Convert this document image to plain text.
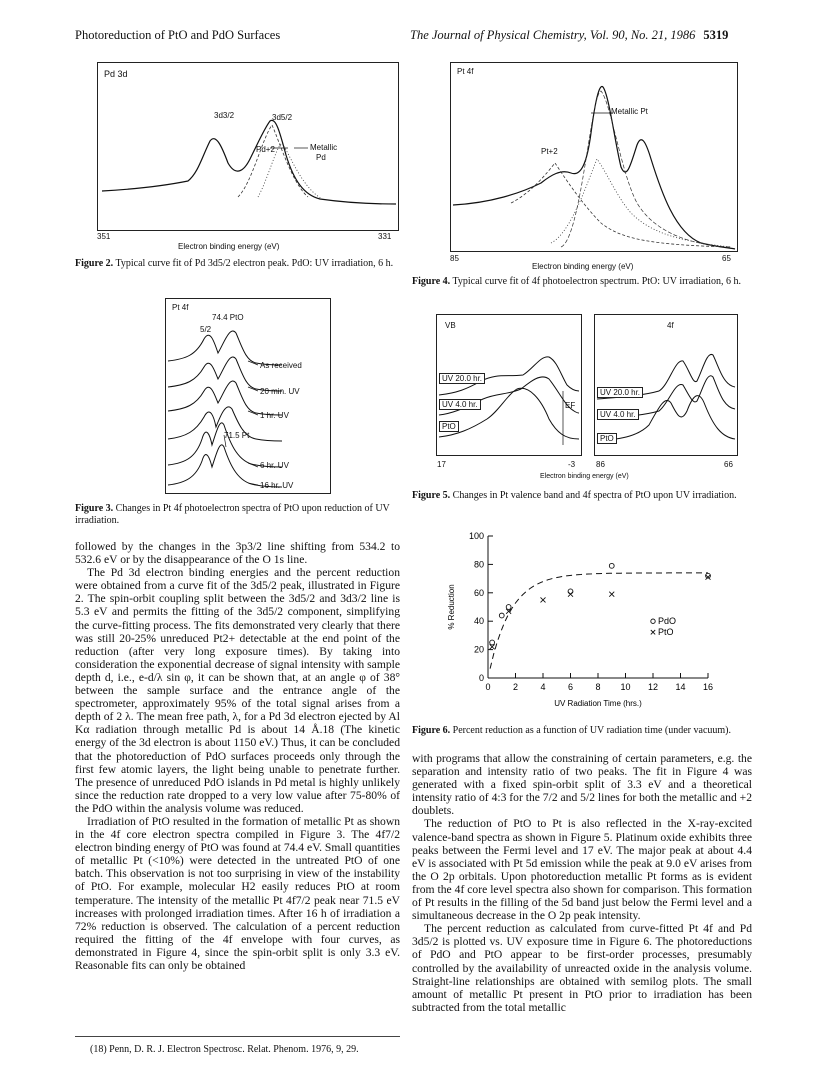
Photoreduction of PtO and PdO Surfaces	The Journal of Physical Chemistry, Vol. 90, No. 21, 1986 5319
Pd 3d
3d3/2	3d5/2
Pd+2	Metallic
Pd
351	331
Electron binding energy (eV)
Figure 2. Typical curve fit of Pd 3d5/2 electron peak. PdO: UV irradiation, 6 h.
Pt 4f
74.4 PtO
5/2
As received
20 min. UV
1 hr. UV
71.5 Pt
6 hr. UV
16 hr. UV
Figure 3. Changes in Pt 4f photoelectron spectra of PtO upon reduction of UV irradiation.
Pt 4f
Metallic Pt
Pt+2
85	65
Electron binding energy (eV)
Figure 4. Typical curve fit of 4f photoelectron spectrum. PtO: UV irradiation, 6 h.
VB
UV 20.0 hr.
UV 4.0 hr.
PtO
EF
4f
UV 20.0 hr.
UV 4.0 hr.
PtO
17	-3	86	66
Electron binding energy (eV)
Figure 5. Changes in Pt valence band and 4f spectra of PtO upon UV irradiation.
0
20
40
60
80
100
0 2 4 6 8 10 12 14 16
UV Radiation Time (hrs.)
% Reduction	PdO
PtO
Figure 6. Percent reduction as a function of UV radiation time (under vacuum).

followed by the changes in the 3p3/2 line shifting from 534.2 to 532.6 eV or by the disappearance of the O 1s line.

The Pd 3d electron binding energies and the percent reduction were obtained from a curve fit of the 3d5/2 peak, illustrated in Figure 2. The spin-orbit coupling split between the 3d5/2 and 3d3/2 line is 5.3 eV and permits the fitting of the 3d5/2 component, simplifying the curve-fitting process. The fits demonstrated very clearly that there was still 20-25% unreduced Pt2+ detectable at the end point of the reduction (after very long exposure times). By taking into consideration the exponential decrease of signal intensity with sample depth d, i.e., e-d/λ sin φ, it can be shown that, at an angle φ of 38° between the sample surface and the entrance angle of the spectrometer, approximately 95% of the total signal arises from a depth of 2 λ. The mean free path, λ, for a Pd 3d electron ejected by Al Kα radiation through metallic Pd is about 14 Å.18 (The kinetic energy of the 3d electron is about 1150 eV.) Thus, it can be concluded that the photoreduction of PdO surfaces proceeds only through the first few atomic layers, the light being unable to penetrate further. The presence of unreduced PdO islands in Pd metal is highly unlikely since the reduction rate dropped to a very low value after 75-80% of the PdO within the analysis volume was reduced.

Irradiation of PtO resulted in the formation of metallic Pt as shown in the 4f core electron spectra compiled in Figure 3. The 4f7/2 electron binding energy of PtO was found at 74.4 eV. Small quantities of metallic Pt (<10%) were detected in the untreated PtO of one batch. This observation is not too surprising in view of the instability of PtO. For example, molecular H2 easily reduces PtO at room temperature. The intensity of the metallic Pt 4f7/2 peak near 71.5 eV increases with prolonged irradiation times. After 16 h of irradiation a 72% reduction is observed. The calculation of a percent reduction required the fitting of the 4f envelope with four curves, as demonstrated in Figure 4, since the spin-orbit split is only 3.3 eV. Reasonable fits can only be obtained

with programs that allow the constraining of certain parameters, e.g. the separation and intensity ratio of two peaks. The fit in Figure 4 was generated with a fixed spin-orbit split of 3.3 eV and a theoretical intensity ratio of 4:3 for the 7/2 and 5/2 lines for both the metallic and +2 doublets.

The reduction of PtO to Pt is also reflected in the X-ray-excited valence-band spectra as shown in Figure 5. Platinum oxide exhibits three peaks between the Fermi level and 17 eV. The major peak at about 4.4 eV is associated with Pt 5d emission while the peak at 9.0 eV arises from the O 2p orbitals. Upon photoreduction metallic Pt forms as is evident from the 4f core level spectra also shown for comparison. This formation of Pt results in the filling of the 5d band just below the Fermi level and a simultaneous decrease in the O 2p peak intensity.

The percent reduction as calculated from curve-fitted Pt 4f and Pd 3d5/2 is plotted vs. UV exposure time in Figure 6. The photoreductions of PdO and PtO appear to be first-order processes, presumably controlled by the availability of unreacted oxide in the analysis volume. Straight-line relationships are obtained with semilog plots. The small amount of metallic Pt present in PtO prior to irradiation has been subtracted from the total metallic

(18) Penn, D. R. J. Electron Spectrosc. Relat. Phenom. 1976, 9, 29.
